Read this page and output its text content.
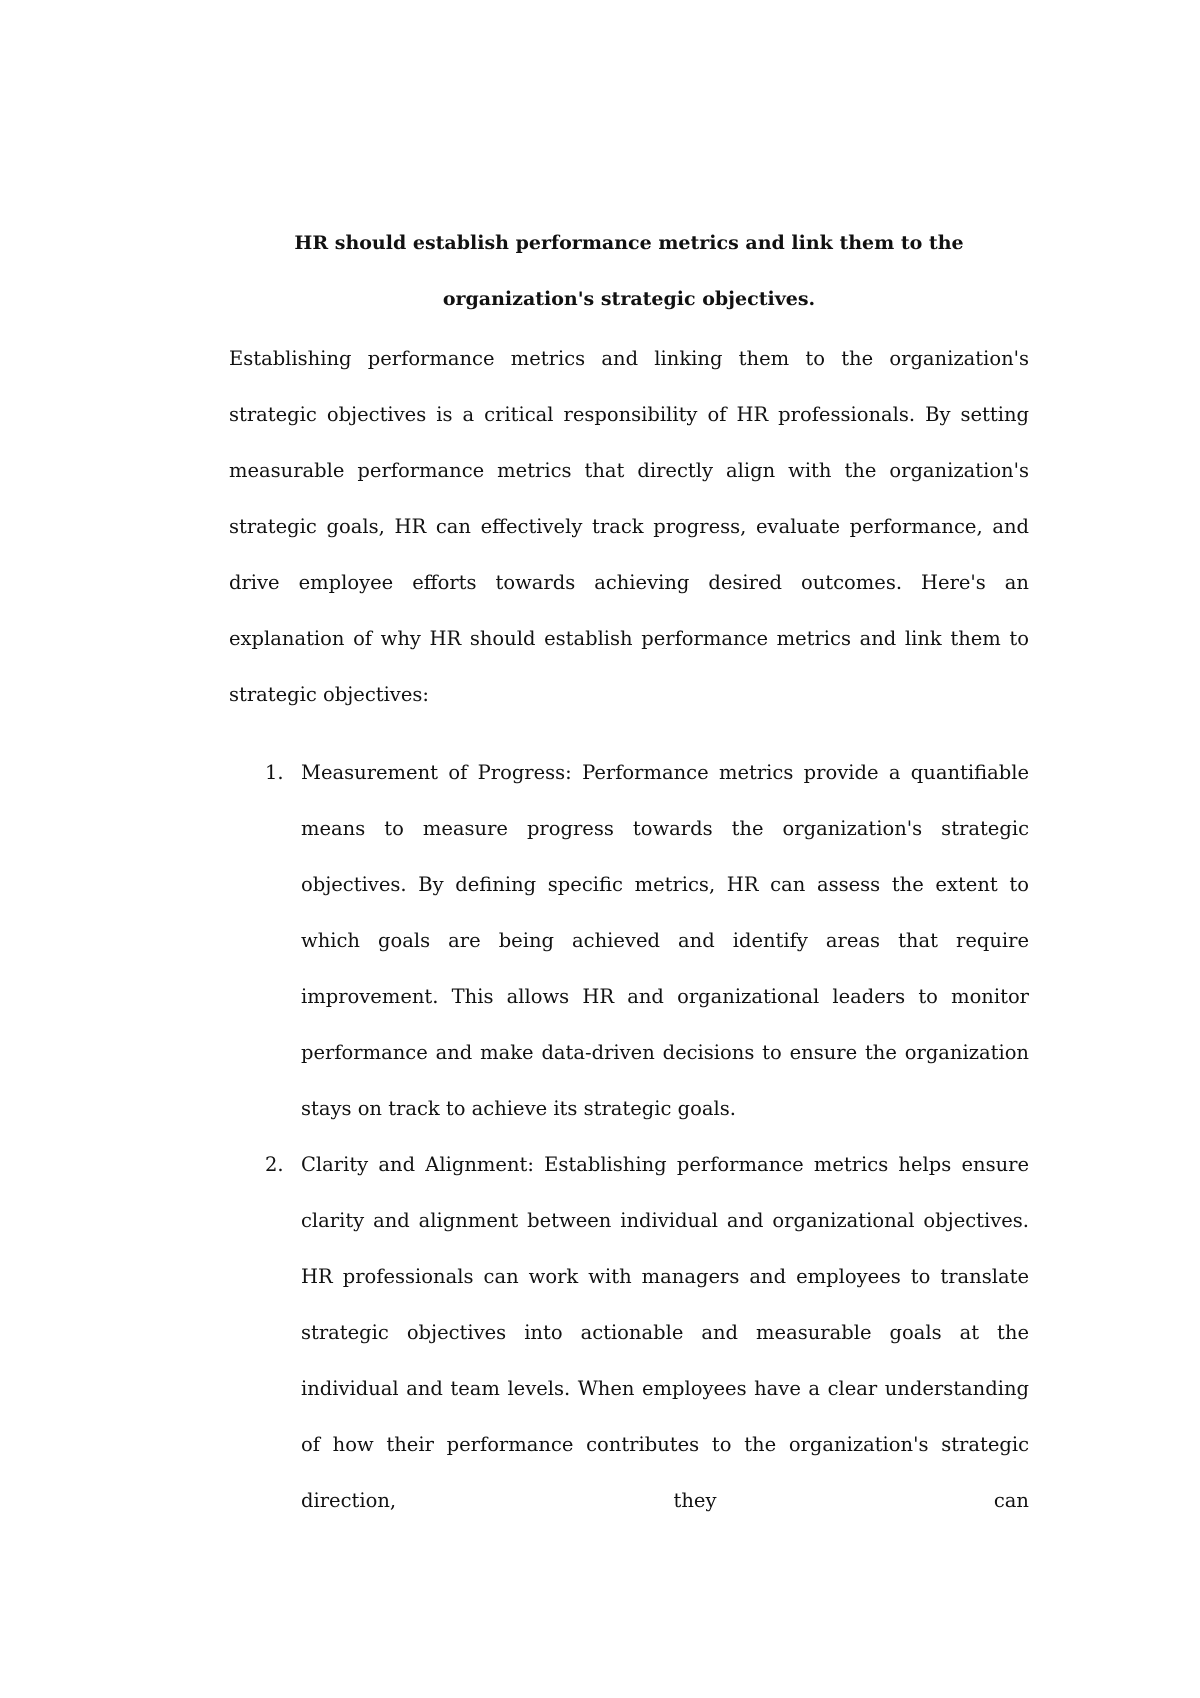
HR should establish performance metrics and link them to the organization's strategic objectives.

Establishing performance metrics and linking them to the organization's strategic objectives is a critical responsibility of HR professionals. By setting measurable performance metrics that directly align with the organization's strategic goals, HR can effectively track progress, evaluate performance, and drive employee efforts towards achieving desired outcomes. Here's an explanation of why HR should establish performance metrics and link them to strategic objectives:

1. Measurement of Progress: Performance metrics provide a quantifiable means to measure progress towards the organization's strategic objectives. By defining specific metrics, HR can assess the extent to which goals are being achieved and identify areas that require improvement. This allows HR and organizational leaders to monitor performance and make data-driven decisions to ensure the organization stays on track to achieve its strategic goals.

2. Clarity and Alignment: Establishing performance metrics helps ensure clarity and alignment between individual and organizational objectives. HR professionals can work with managers and employees to translate strategic objectives into actionable and measurable goals at the individual and team levels. When employees have a clear understanding of how their performance contributes to the organization's strategic direction, they can
